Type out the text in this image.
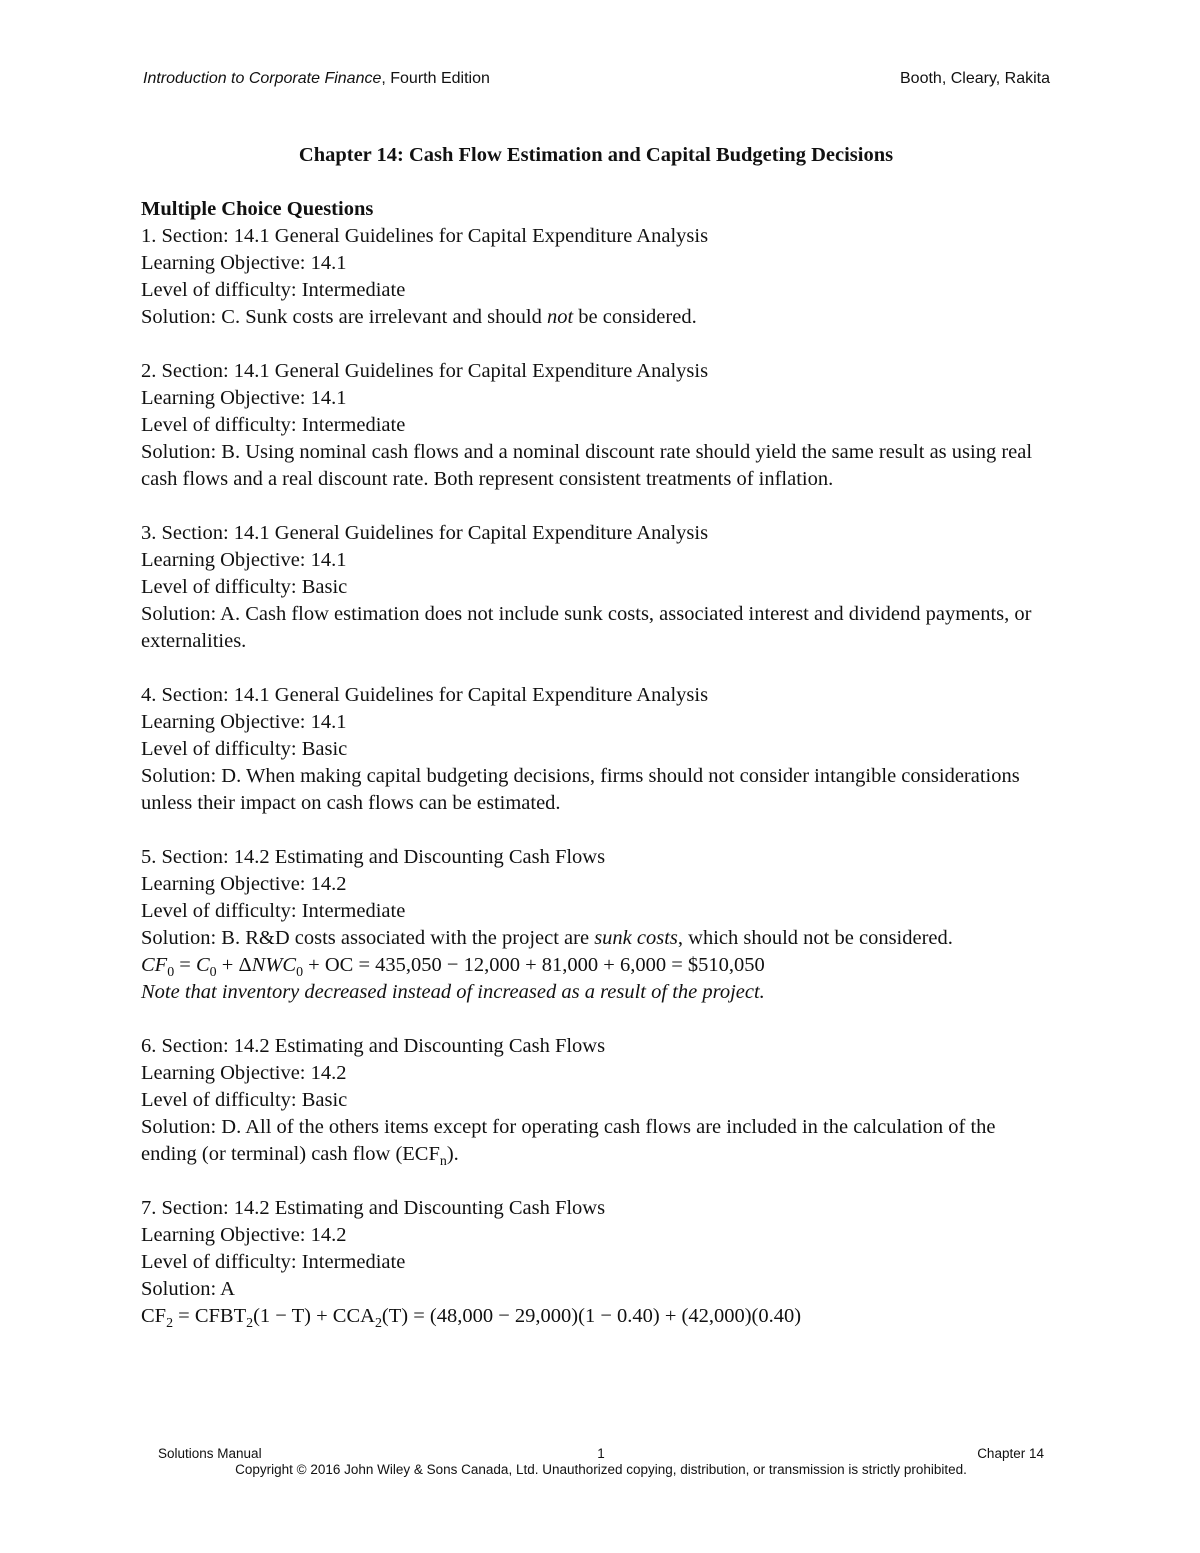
Introduction to Corporate Finance, Fourth Edition	Booth, Cleary, Rakita
Chapter 14: Cash Flow Estimation and Capital Budgeting Decisions

Multiple Choice Questions

1. Section: 14.1 General Guidelines for Capital Expenditure Analysis

Learning Objective: 14.1

Level of difficulty: Intermediate

Solution: C. Sunk costs are irrelevant and should not be considered.

2. Section: 14.1 General Guidelines for Capital Expenditure Analysis

Learning Objective: 14.1

Level of difficulty: Intermediate

Solution: B. Using nominal cash flows and a nominal discount rate should yield the same result as using real cash flows and a real discount rate. Both represent consistent treatments of inflation.

3. Section: 14.1 General Guidelines for Capital Expenditure Analysis

Learning Objective: 14.1

Level of difficulty: Basic

Solution: A. Cash flow estimation does not include sunk costs, associated interest and dividend payments, or externalities.

4. Section: 14.1 General Guidelines for Capital Expenditure Analysis

Learning Objective: 14.1

Level of difficulty: Basic

Solution: D. When making capital budgeting decisions, firms should not consider intangible considerations unless their impact on cash flows can be estimated.

5. Section: 14.2 Estimating and Discounting Cash Flows

Learning Objective: 14.2

Level of difficulty: Intermediate

Solution: B. R&D costs associated with the project are sunk costs, which should not be considered.

$CF_0 = C_0 + \Delta NWC_0$ + OC = 435,050 − 12,000 + 81,000 + 6,000 = $510,050

Note that inventory decreased instead of increased as a result of the project.

6. Section: 14.2 Estimating and Discounting Cash Flows

Learning Objective: 14.2

Level of difficulty: Basic

Solution: D. All of the others items except for operating cash flows are included in the calculation of the ending (or terminal) cash flow $(ECF_n)$.

7. Section: 14.2 Estimating and Discounting Cash Flows

Learning Objective: 14.2

Level of difficulty: Intermediate

Solution: A

$CF_2$ = $CFBT_2(1 - T) + CCA_2(T) = (48,000 - 29,000)(1 - 0.40) + (42,000)(0.40)$

Solutions Manual	1	Chapter 14
Copyright © 2016 John Wiley & Sons Canada, Ltd. Unauthorized copying, distribution, or transmission is strictly prohibited.
